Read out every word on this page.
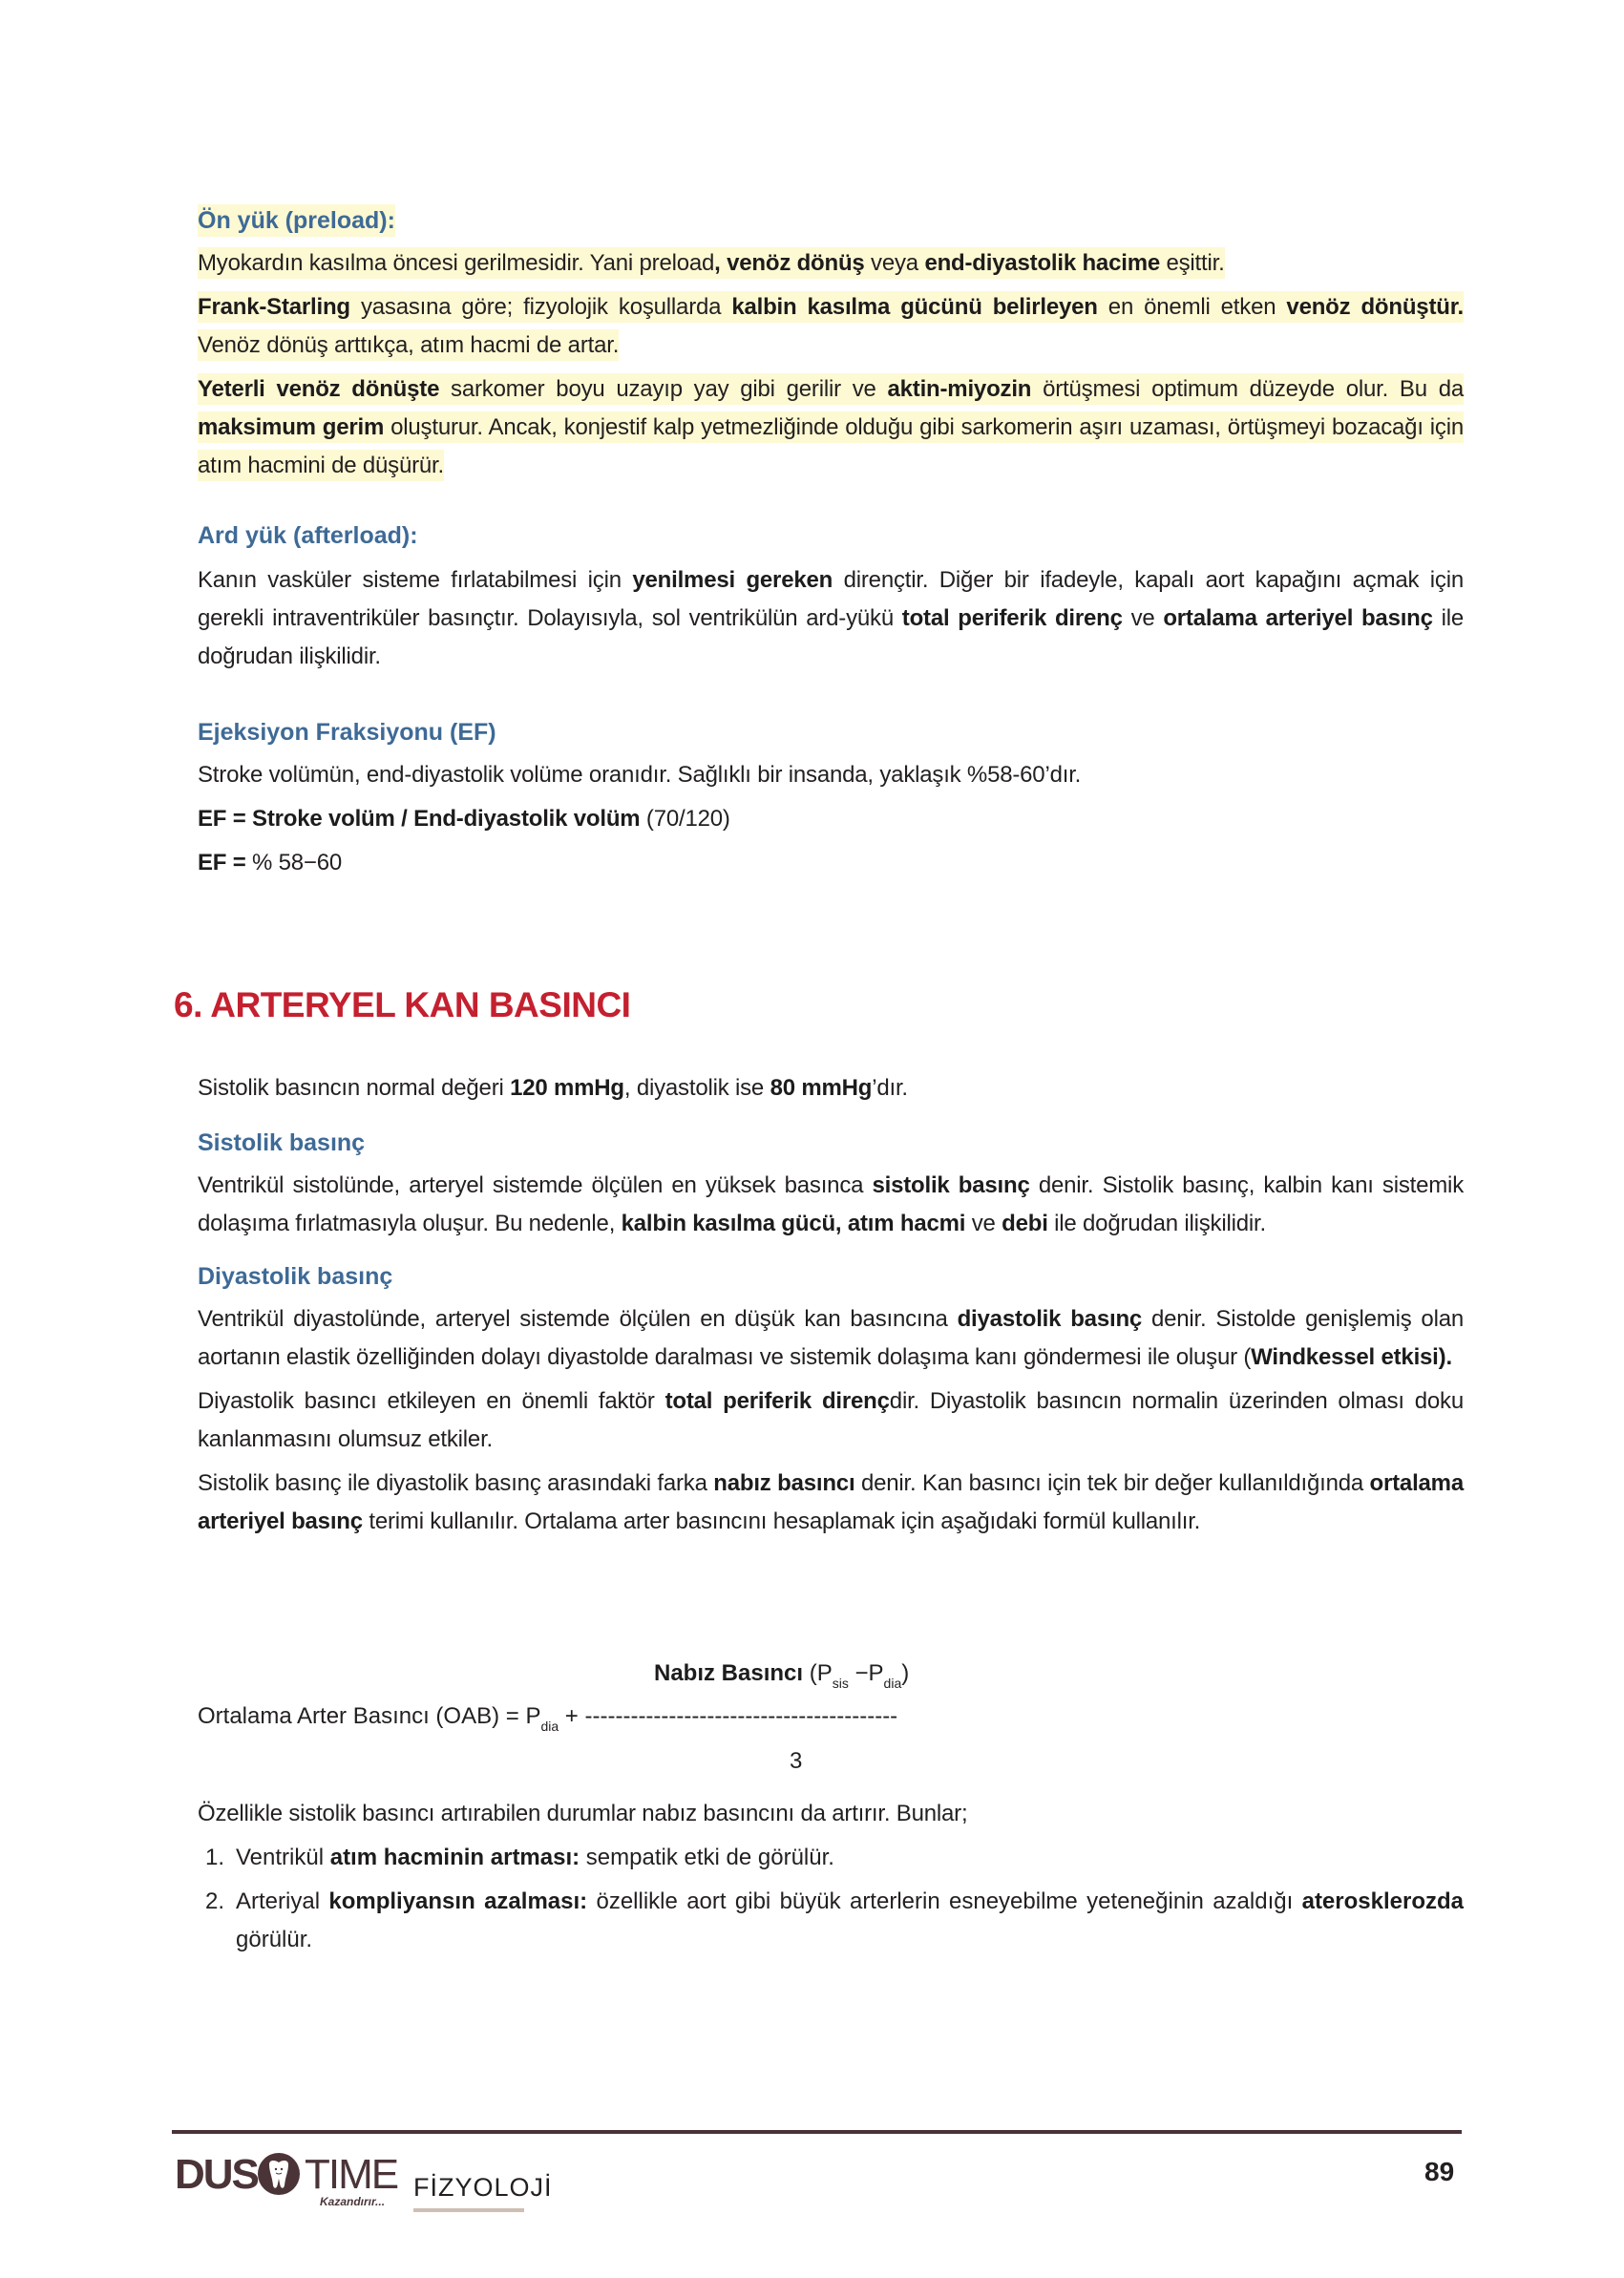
Ön yük (preload):

Myokardın kasılma öncesi gerilmesidir. Yani preload, venöz dönüş veya end-diyastolik hacime eşittir.

Frank-Starling yasasına göre; fizyolojik koşullarda kalbin kasılma gücünü belirleyen en önemli etken venöz dönüştür. Venöz dönüş arttıkça, atım hacmi de artar.

Yeterli venöz dönüşte sarkomer boyu uzayıp yay gibi gerilir ve aktin-miyozin örtüşmesi optimum düzeyde olur. Bu da maksimum gerim oluşturur. Ancak, konjestif kalp yetmezliğinde olduğu gibi sarkomerin aşırı uzaması, örtüşmeyi bozacağı için atım hacmini de düşürür.

Ard yük (afterload):

Kanın vasküler sisteme fırlatabilmesi için yenilmesi gereken dirençtir. Diğer bir ifadeyle, kapalı aort kapağını açmak için gerekli intraventriküler basınçtır. Dolayısıyla, sol ventrikülün ard-yükü total periferik direnç ve ortalama arteriyel basınç ile doğrudan ilişkilidir.

Ejeksiyon Fraksiyonu (EF)

Stroke volümün, end-diyastolik volüme oranıdır. Sağlıklı bir insanda, yaklaşık %58-60’dır.

EF = Stroke volüm / End-diyastolik volüm (70/120)

EF = % 58−60

6. ARTERYEL KAN BASINCI

Sistolik basıncın normal değeri 120 mmHg, diyastolik ise 80 mmHg’dır.

Sistolik basınç

Ventrikül sistolünde, arteryel sistemde ölçülen en yüksek basınca sistolik basınç denir. Sistolik basınç, kalbin kanı sistemik dolaşıma fırlatmasıyla oluşur. Bu nedenle, kalbin kasılma gücü, atım hacmi ve debi ile doğrudan ilişkilidir.

Diyastolik basınç

Ventrikül diyastolünde, arteryel sistemde ölçülen en düşük kan basıncına diyastolik basınç denir. Sistolde genişlemiş olan aortanın elastik özelliğinden dolayı diyastolde daralması ve sistemik dolaşıma kanı göndermesi ile oluşur (Windkessel etkisi).

Diyastolik basıncı etkileyen en önemli faktör total periferik dirençdir. Diyastolik basıncın normalin üzerinden olması doku kanlanmasını olumsuz etkiler.

Sistolik basınç ile diyastolik basınç arasındaki farka nabız basıncı denir. Kan basıncı için tek bir değer kullanıldığında ortalama arteriyel basınç terimi kullanılır. Ortalama arter basıncını hesaplamak için aşağıdaki formül kullanılır.

Nabız Basıncı $(P_{sis} -P_{dia})$
Ortalama Arter Basıncı $(OAB) = P_{dia}$ + -----------------------------------------
3

Özellikle sistolik basıncı artırabilen durumlar nabız basıncını da artırır. Bunlar;

1. Ventrikül atım hacminin artması: sempatik etki de görülür.
2. Arteriyal kompliyansın azalması: özellikle aort gibi büyük arterlerin esneyebilme yeteneğinin azaldığı aterosklerozda görülür.
DUS TIME
Kazandırır... FİZYOLOJİ
89
